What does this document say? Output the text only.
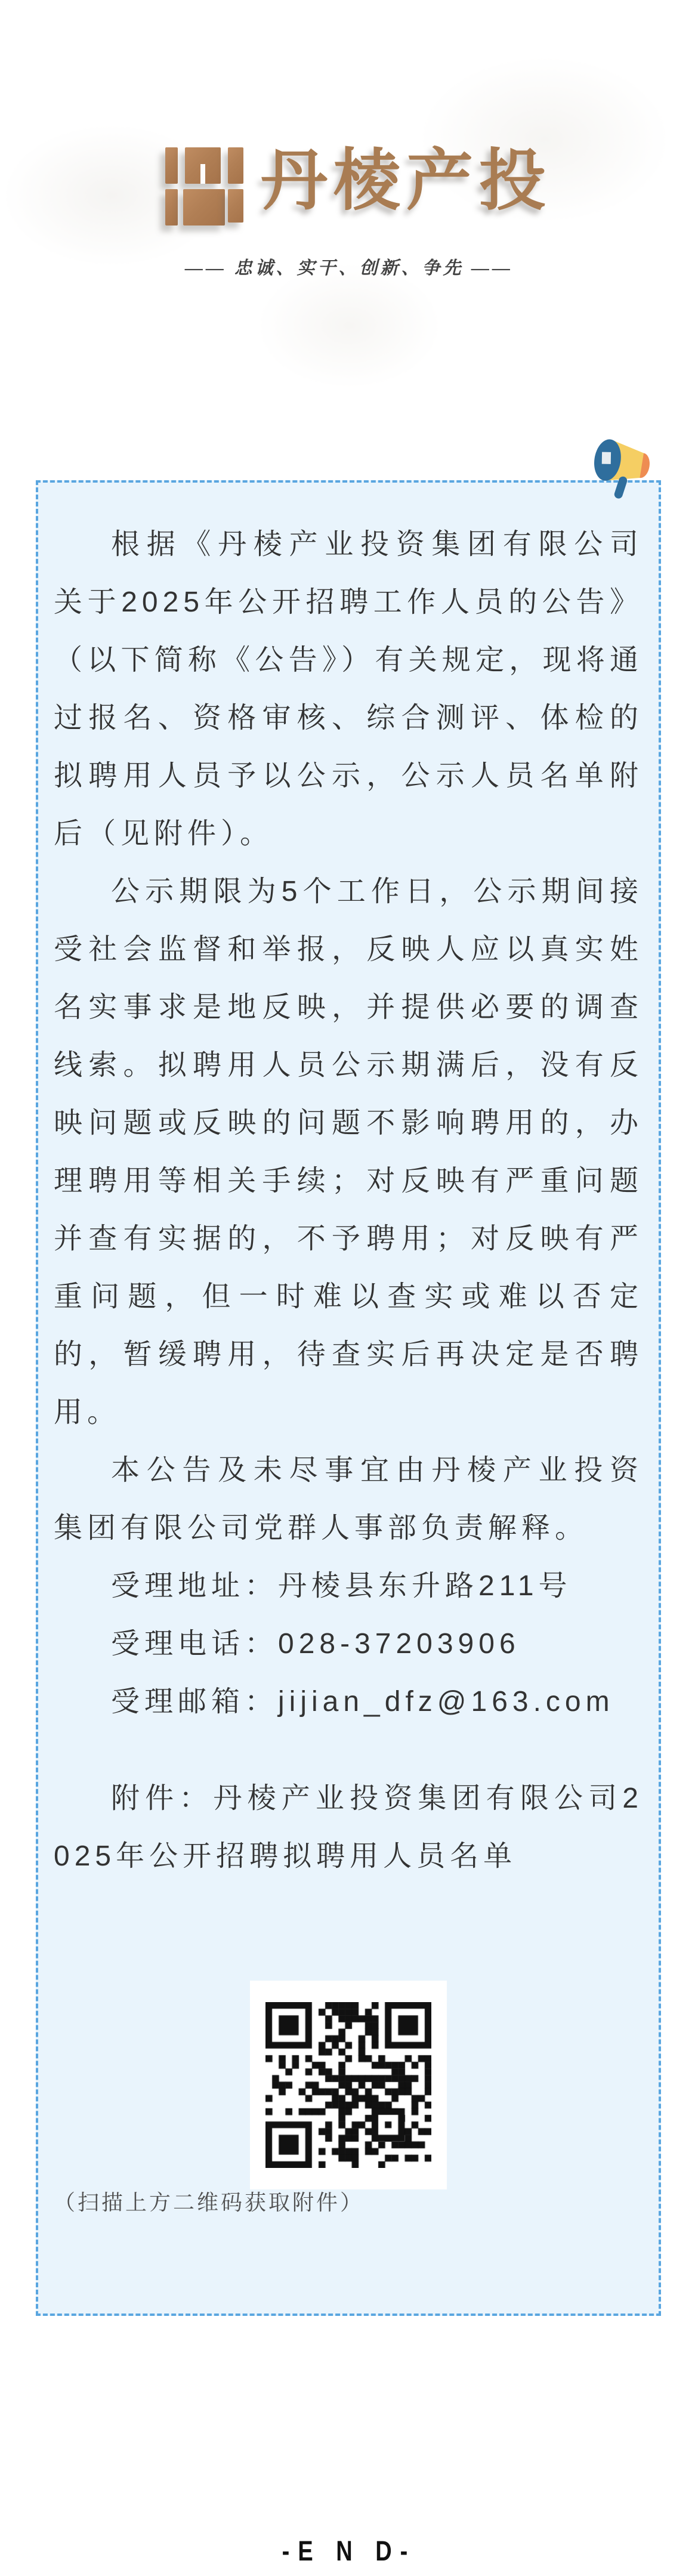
丹棱产投
—— 忠诚、实干、创新、争先 ——

根据《丹棱产业投资集团有限公司关于2025年公开招聘工作人员的公告》（以下简称《公告》）有关规定，现将通过报名、资格审核、综合测评、体检的拟聘用人员予以公示，公示人员名单附后（见附件）。

公示期限为5个工作日，公示期间接受社会监督和举报，反映人应以真实姓名实事求是地反映，并提供必要的调查线索。拟聘用人员公示期满后，没有反映问题或反映的问题不影响聘用的，办理聘用等相关手续；对反映有严重问题并查有实据的，不予聘用；对反映有严重问题，但一时难以查实或难以否定的，暂缓聘用，待查实后再决定是否聘用。

本公告及未尽事宜由丹棱产业投资集团有限公司党群人事部负责解释。

受理地址：丹棱县东升路211号

受理电话：028-37203906

受理邮箱：jijian_dfz@163.com

附件：丹棱产业投资集团有限公司2025年公开招聘拟聘用人员名单

（扫描上方二维码获取附件）

-E N D-
